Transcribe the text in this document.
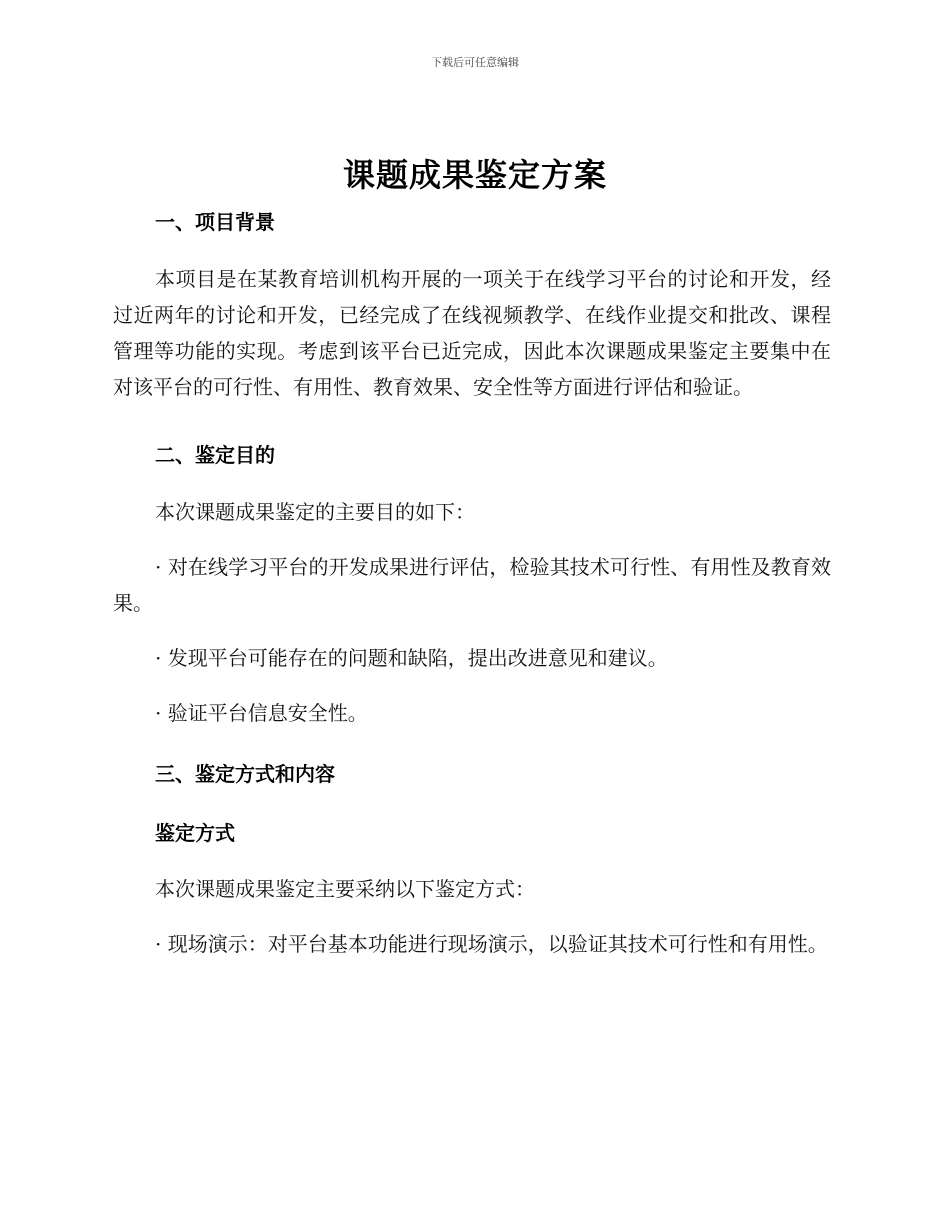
下载后可任意编辑
课题成果鉴定方案
一、项目背景

本项目是在某教育培训机构开展的一项关于在线学习平台的讨论和开发，经过近两年的讨论和开发，已经完成了在线视频教学、在线作业提交和批改、课程管理等功能的实现。考虑到该平台已近完成，因此本次课题成果鉴定主要集中在对该平台的可行性、有用性、教育效果、安全性等方面进行评估和验证。

二、鉴定目的

本次课题成果鉴定的主要目的如下：

· 对在线学习平台的开发成果进行评估，检验其技术可行性、有用性及教育效果。

· 发现平台可能存在的问题和缺陷，提出改进意见和建议。

· 验证平台信息安全性。

三、鉴定方式和内容
鉴定方式

本次课题成果鉴定主要采纳以下鉴定方式：

· 现场演示：对平台基本功能进行现场演示，以验证其技术可行性和有用性。
